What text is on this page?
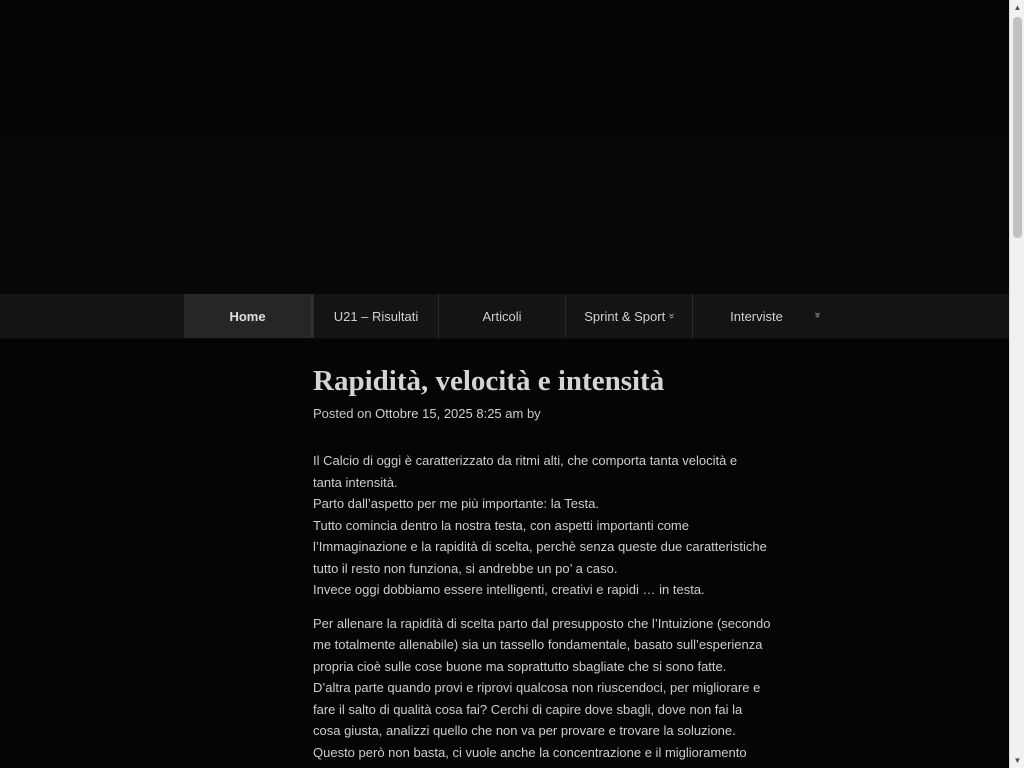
Home	U21 – Risultati	Articoli	Sprint & Sport »	Interviste	»
Rapidità, velocità e intensità
Posted on Ottobre 15, 2025 8:25 am by

Il Calcio di oggi è caratterizzato da ritmi alti, che comporta tanta velocità e
tanta intensità.
Parto dall’aspetto per me più importante: la Testa.
Tutto comincia dentro la nostra testa, con aspetti importanti come
l’Immaginazione e la rapidità di scelta, perchè senza queste due caratteristiche
tutto il resto non funziona, si andrebbe un po’ a caso.
Invece oggi dobbiamo essere intelligenti, creativi e rapidi … in testa.

Per allenare la rapidità di scelta parto dal presupposto che l’Intuizione (secondo
me totalmente allenabile) sia un tassello fondamentale, basato sull’esperienza
propria cioè sulle cose buone ma soprattutto sbagliate che si sono fatte.
D’altra parte quando provi e riprovi qualcosa non riuscendoci, per migliorare e
fare il salto di qualità cosa fai? Cerchi di capire dove sbagli, dove non fai la
cosa giusta, analizzi quello che non va per provare e trovare la soluzione.
Questo però non basta, ci vuole anche la concentrazione e il miglioramento

▲
▼
